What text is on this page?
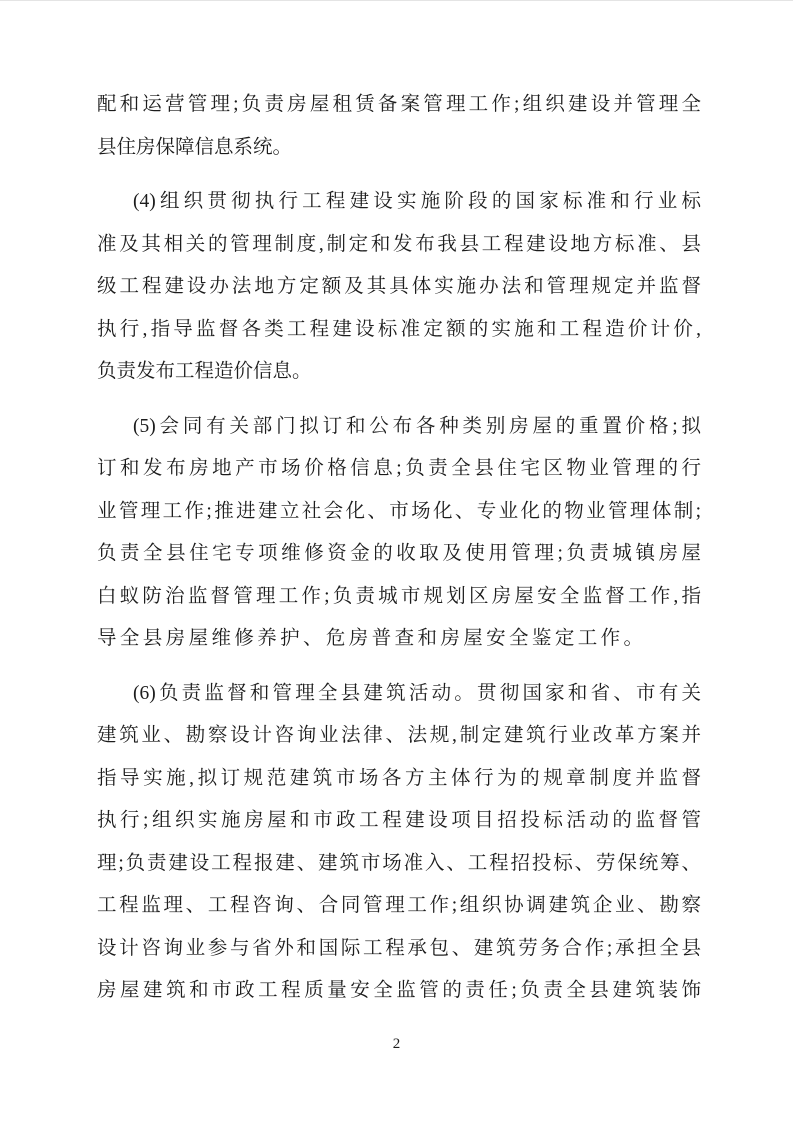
配和运营管理;负责房屋租赁备案管理工作;组织建设并管理全
县住房保障信息系统。
(4)组织贯彻执行工程建设实施阶段的国家标准和行业标
准及其相关的管理制度,制定和发布我县工程建设地方标准、县
级工程建设办法地方定额及其具体实施办法和管理规定并监督
执行,指导监督各类工程建设标准定额的实施和工程造价计价,
负责发布工程造价信息。
(5)会同有关部门拟订和公布各种类别房屋的重置价格;拟
订和发布房地产市场价格信息;负责全县住宅区物业管理的行
业管理工作;推进建立社会化、市场化、专业化的物业管理体制;
负责全县住宅专项维修资金的收取及使用管理;负责城镇房屋
白蚁防治监督管理工作;负责城市规划区房屋安全监督工作,指
导全县房屋维修养护、危房普查和房屋安全鉴定工作。
(6)负责监督和管理全县建筑活动。贯彻国家和省、市有关
建筑业、勘察设计咨询业法律、法规,制定建筑行业改革方案并
指导实施,拟订规范建筑市场各方主体行为的规章制度并监督
执行;组织实施房屋和市政工程建设项目招投标活动的监督管
理;负责建设工程报建、建筑市场准入、工程招投标、劳保统筹、
工程监理、工程咨询、合同管理工作;组织协调建筑企业、勘察
设计咨询业参与省外和国际工程承包、建筑劳务合作;承担全县
房屋建筑和市政工程质量安全监管的责任;负责全县建筑装饰
2
